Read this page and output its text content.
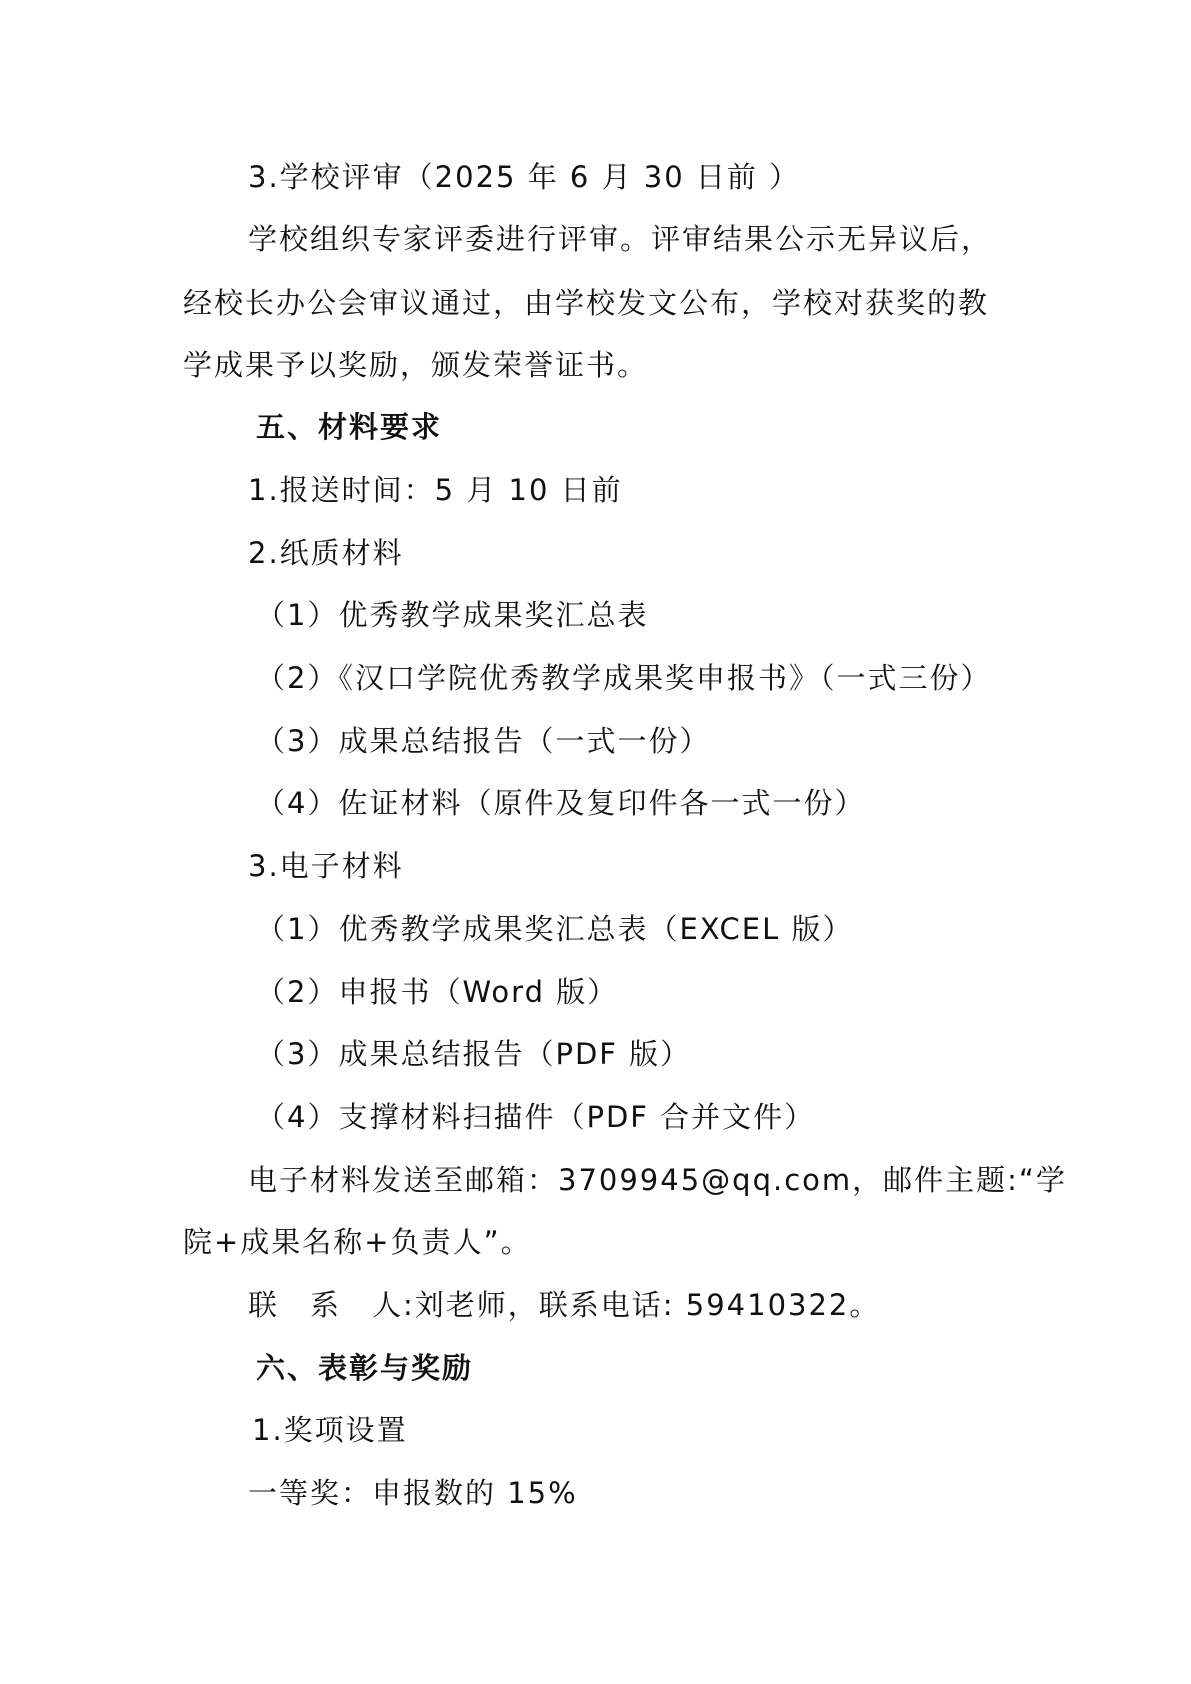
3.学校评审（2025 年 6 月 30 日前 ）
学校组织专家评委进行评审。评审结果公示无异议后，
经校长办公会审议通过，由学校发文公布，学校对获奖的教
学成果予以奖励，颁发荣誉证书。
五、材料要求
1.报送时间：5 月 10 日前
2.纸质材料
（1）优秀教学成果奖汇总表
（2）《汉口学院优秀教学成果奖申报书》（一式三份）
（3）成果总结报告（一式一份）
（4）佐证材料（原件及复印件各一式一份）
3.电子材料
（1）优秀教学成果奖汇总表（EXCEL 版）
（2）申报书（Word 版）
（3）成果总结报告（PDF 版）
（4）支撑材料扫描件（PDF 合并文件）
电子材料发送至邮箱：3709945@qq.com，邮件主题:“学
院+成果名称+负责人”。
联　系　人:刘老师，联系电话: 59410322。
六、表彰与奖励
1.奖项设置
一等奖：申报数的 15%
